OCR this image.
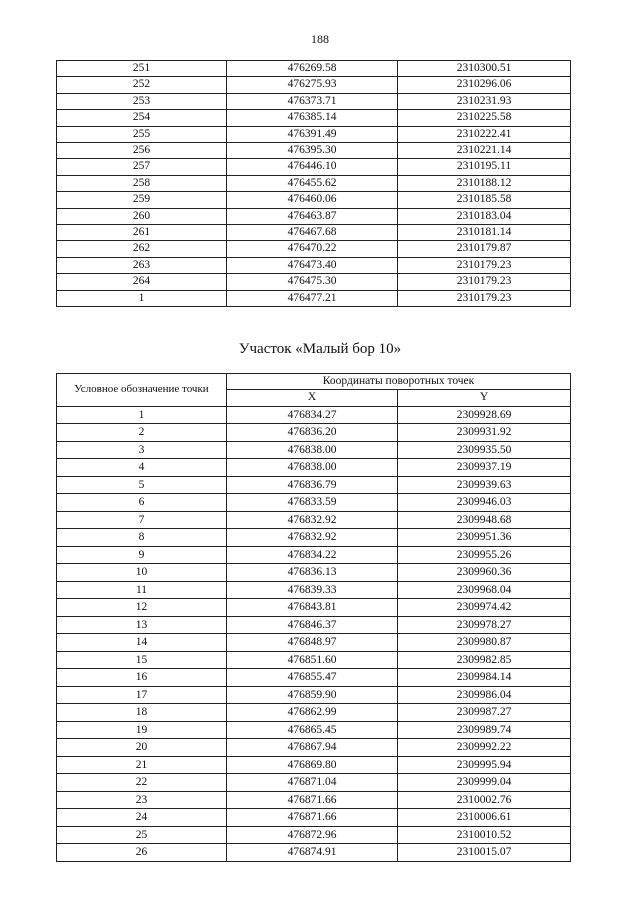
188
251	476269.58	2310300.51
252	476275.93	2310296.06
253	476373.71	2310231.93
254	476385.14	2310225.58
255	476391.49	2310222.41
256	476395.30	2310221.14
257	476446.10	2310195.11
258	476455.62	2310188.12
259	476460.06	2310185.58
260	476463.87	2310183.04
261	476467.68	2310181.14
262	476470.22	2310179.87
263	476473.40	2310179.23
264	476475.30	2310179.23
1	476477.21	2310179.23
Участок «Малый бор 10»
Условное обозначение точки	Координаты поворотных точек	
	X	Y
1	476834.27	2309928.69
2	476836.20	2309931.92
3	476838.00	2309935.50
4	476838.00	2309937.19
5	476836.79	2309939.63
6	476833.59	2309946.03
7	476832.92	2309948.68
8	476832.92	2309951.36
9	476834.22	2309955.26
10	476836.13	2309960.36
11	476839.33	2309968.04
12	476843.81	2309974.42
13	476846.37	2309978.27
14	476848.97	2309980.87
15	476851.60	2309982.85
16	476855.47	2309984.14
17	476859.90	2309986.04
18	476862.99	2309987.27
19	476865.45	2309989.74
20	476867.94	2309992.22
21	476869.80	2309995.94
22	476871.04	2309999.04
23	476871.66	2310002.76
24	476871.66	2310006.61
25	476872.96	2310010.52
26	476874.91	2310015.07
